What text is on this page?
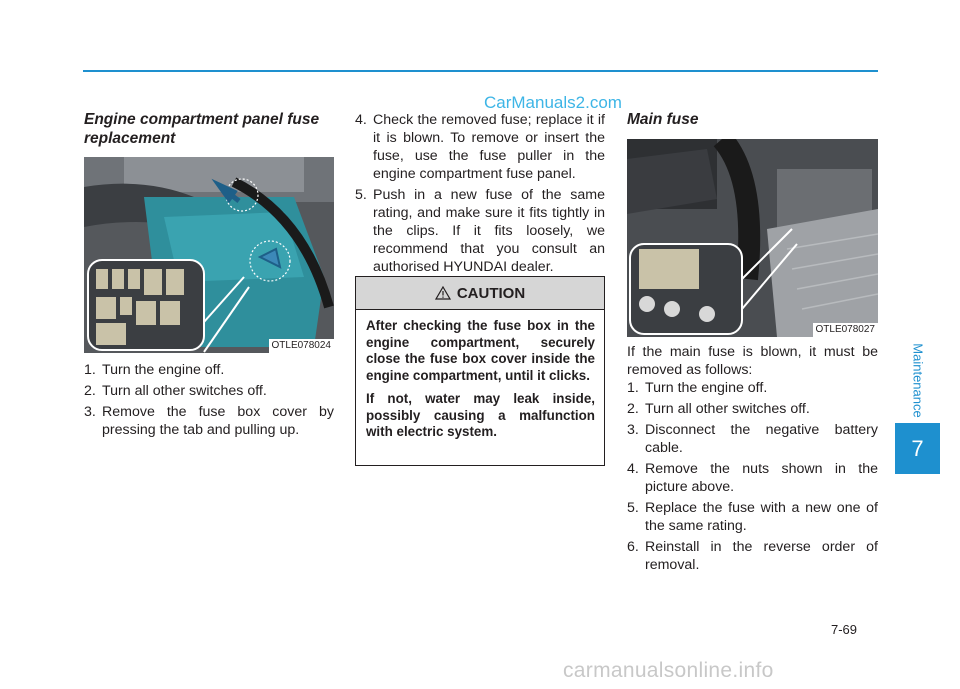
CarManuals2.com
Engine compartment panel fuse replacement
OTLE078024
1. Turn the engine off.
2. Turn all other switches off.
3. Remove the fuse box cover by pressing the tab and pulling up.
4. Check the removed fuse; replace it if it is blown. To remove or insert the fuse, use the fuse puller in the engine compartment fuse panel.
5. Push in a new fuse of the same rating, and make sure it fits tightly in the clips. If it fits loosely, we recommend that you consult an authorised HYUNDAI dealer.
CAUTION

After checking the fuse box in the engine compartment, securely close the fuse box cover inside the engine compartment, until it clicks.

If not, water may leak inside, possibly causing a malfunction with electric system.

Main fuse
OTLE078027

If the main fuse is blown, it must be removed as follows:

1. Turn the engine off.
2. Turn all other switches off.
3. Disconnect the negative battery cable.
4. Remove the nuts shown in the picture above.
5. Replace the fuse with a new one of the same rating.
6. Reinstall in the reverse order of removal.
Maintenance
7
7-69
carmanualsonline.info
